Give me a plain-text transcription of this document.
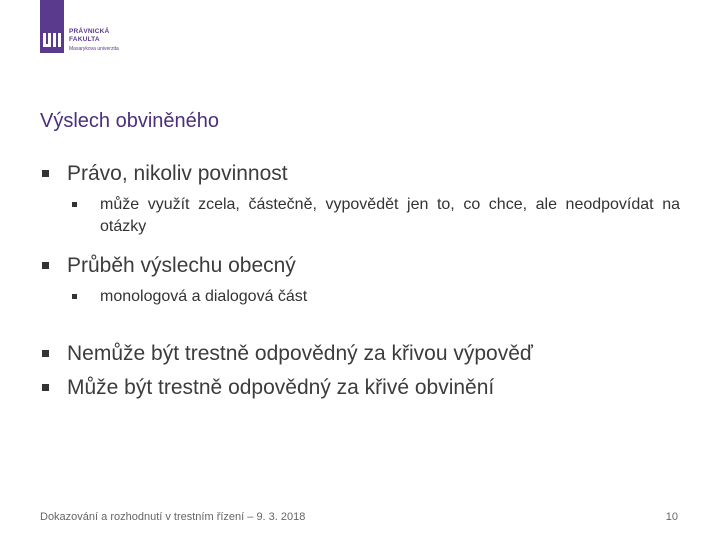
PRÁVNICKÁ
FAKULTA
Masarykova univerzita
Výslech obviněného
Právo, nikoliv povinnost
může využít zcela, částečně, vypovědět jen to, co chce, ale neodpovídat na otázky
Průběh výslechu obecný
monologová a dialogová část
Nemůže být trestně odpovědný za křivou výpověď
Může být trestně odpovědný za křivé obvinění
Dokazování a rozhodnutí v trestním řízení – 9. 3. 2018	10
